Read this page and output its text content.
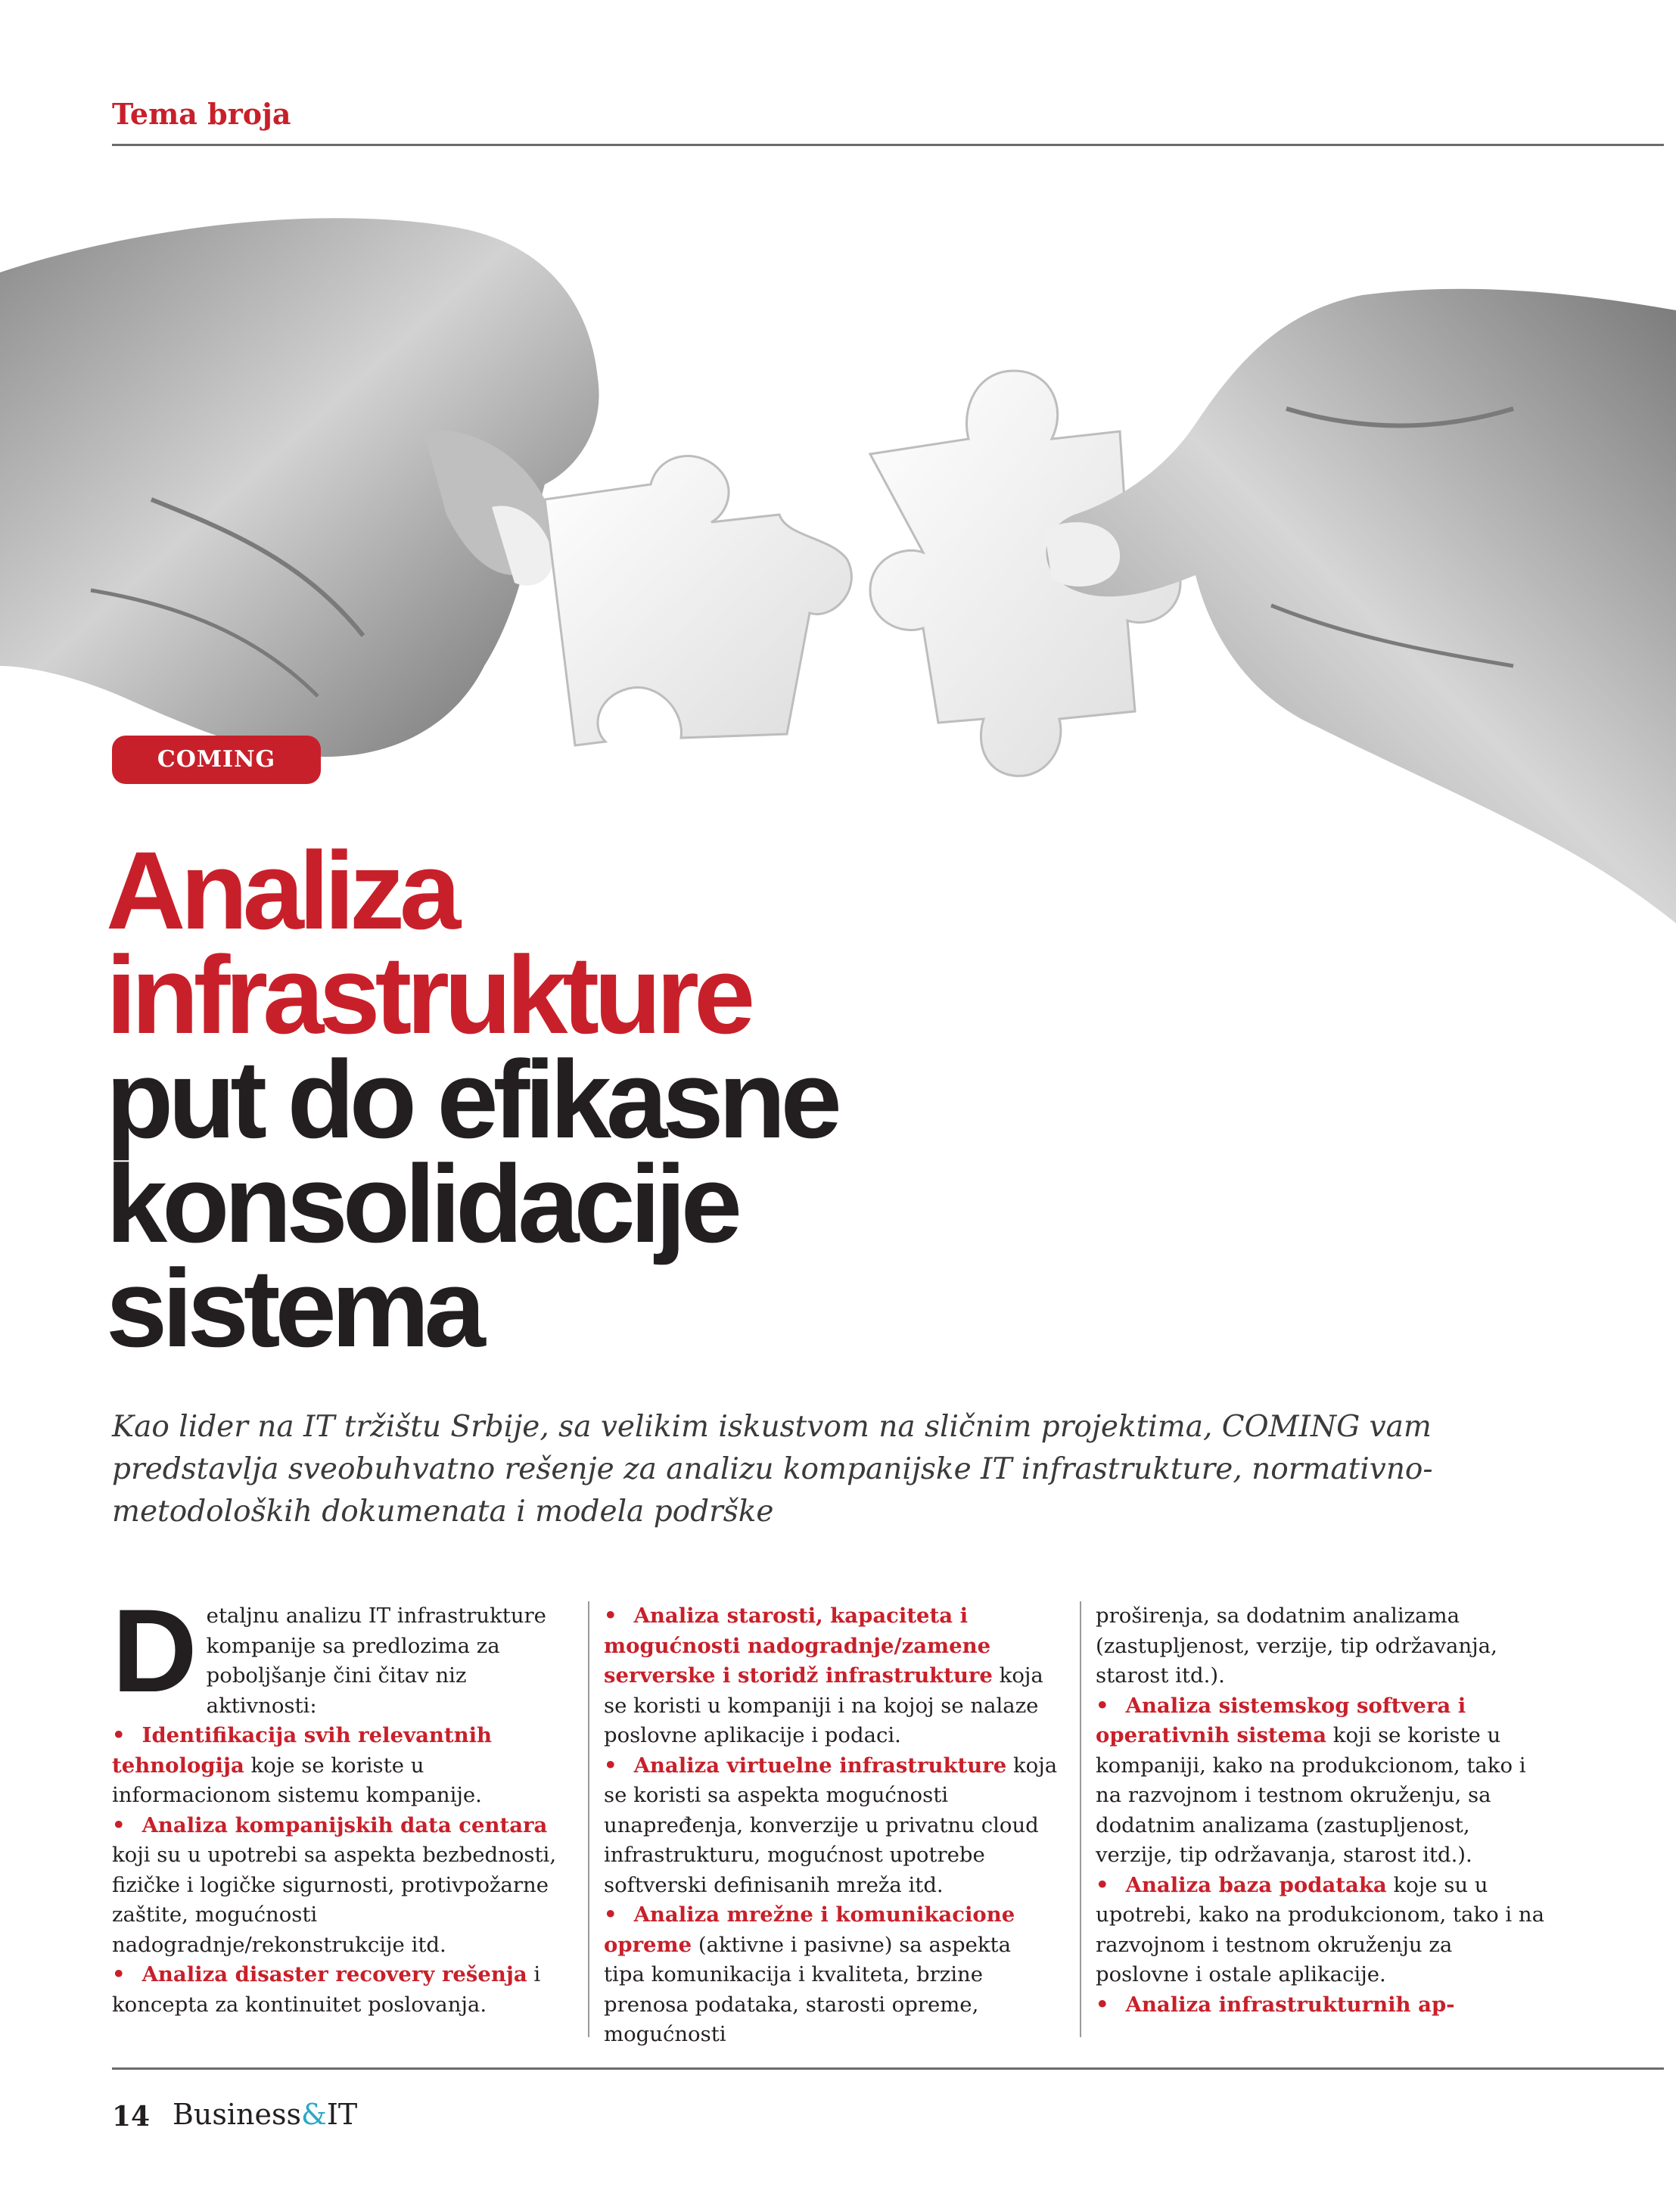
Tema broja
COMING
Analiza
infrastrukture
put do efikasne
konsolidacije
sistema
Kao lider na IT tržištu Srbije, sa velikim iskustvom na sličnim projektima, COMING vam predstavlja sveobuhvatno rešenje za analizu kompanijske IT infrastrukture, normativno-metodoloških dokumenata i modela podrške

Detaljnu analizu IT infrastrukture kompanije sa predlozima za poboljšanje čini čitav niz aktivnosti:

• Identifikacija svih relevantnih tehnologija koje se koriste u informacionom sistemu kompanije.

• Analiza kompanijskih data centara koji su u upotrebi sa aspekta bezbednosti, fizičke i logičke sigurnosti, protivpožarne zaštite, mogućnosti nadogradnje/rekonstrukcije itd.

• Analiza disaster recovery rešenja i koncepta za kontinuitet poslovanja.

• Analiza starosti, kapaciteta i mogućnosti nadogradnje/zamene serverske i storidž infrastrukture koja se koristi u kompaniji i na kojoj se nalaze poslovne aplikacije i podaci.

• Analiza virtuelne infrastrukture koja se koristi sa aspekta mogućnosti unapređenja, konverzije u privatnu cloud infrastrukturu, mogućnost upotrebe softverski definisanih mreža itd.

• Analiza mrežne i komunikacione opreme (aktivne i pasivne) sa aspekta tipa komunikacija i kvaliteta, brzine prenosa podataka, starosti opreme, mogućnosti

proširenja, sa dodatnim analizama (zastupljenost, verzije, tip održavanja, starost itd.).

• Analiza sistemskog softvera i operativnih sistema koji se koriste u kompaniji, kako na produkcionom, tako i na razvojnom i testnom okruženju, sa dodatnim analizama (zastupljenost, verzije, tip održavanja, starost itd.).

• Analiza baza podataka koje su u upotrebi, kako na produkcionom, tako i na razvojnom i testnom okruženju za poslovne i ostale aplikacije.

• Analiza infrastrukturnih ap-

14 Business&IT
